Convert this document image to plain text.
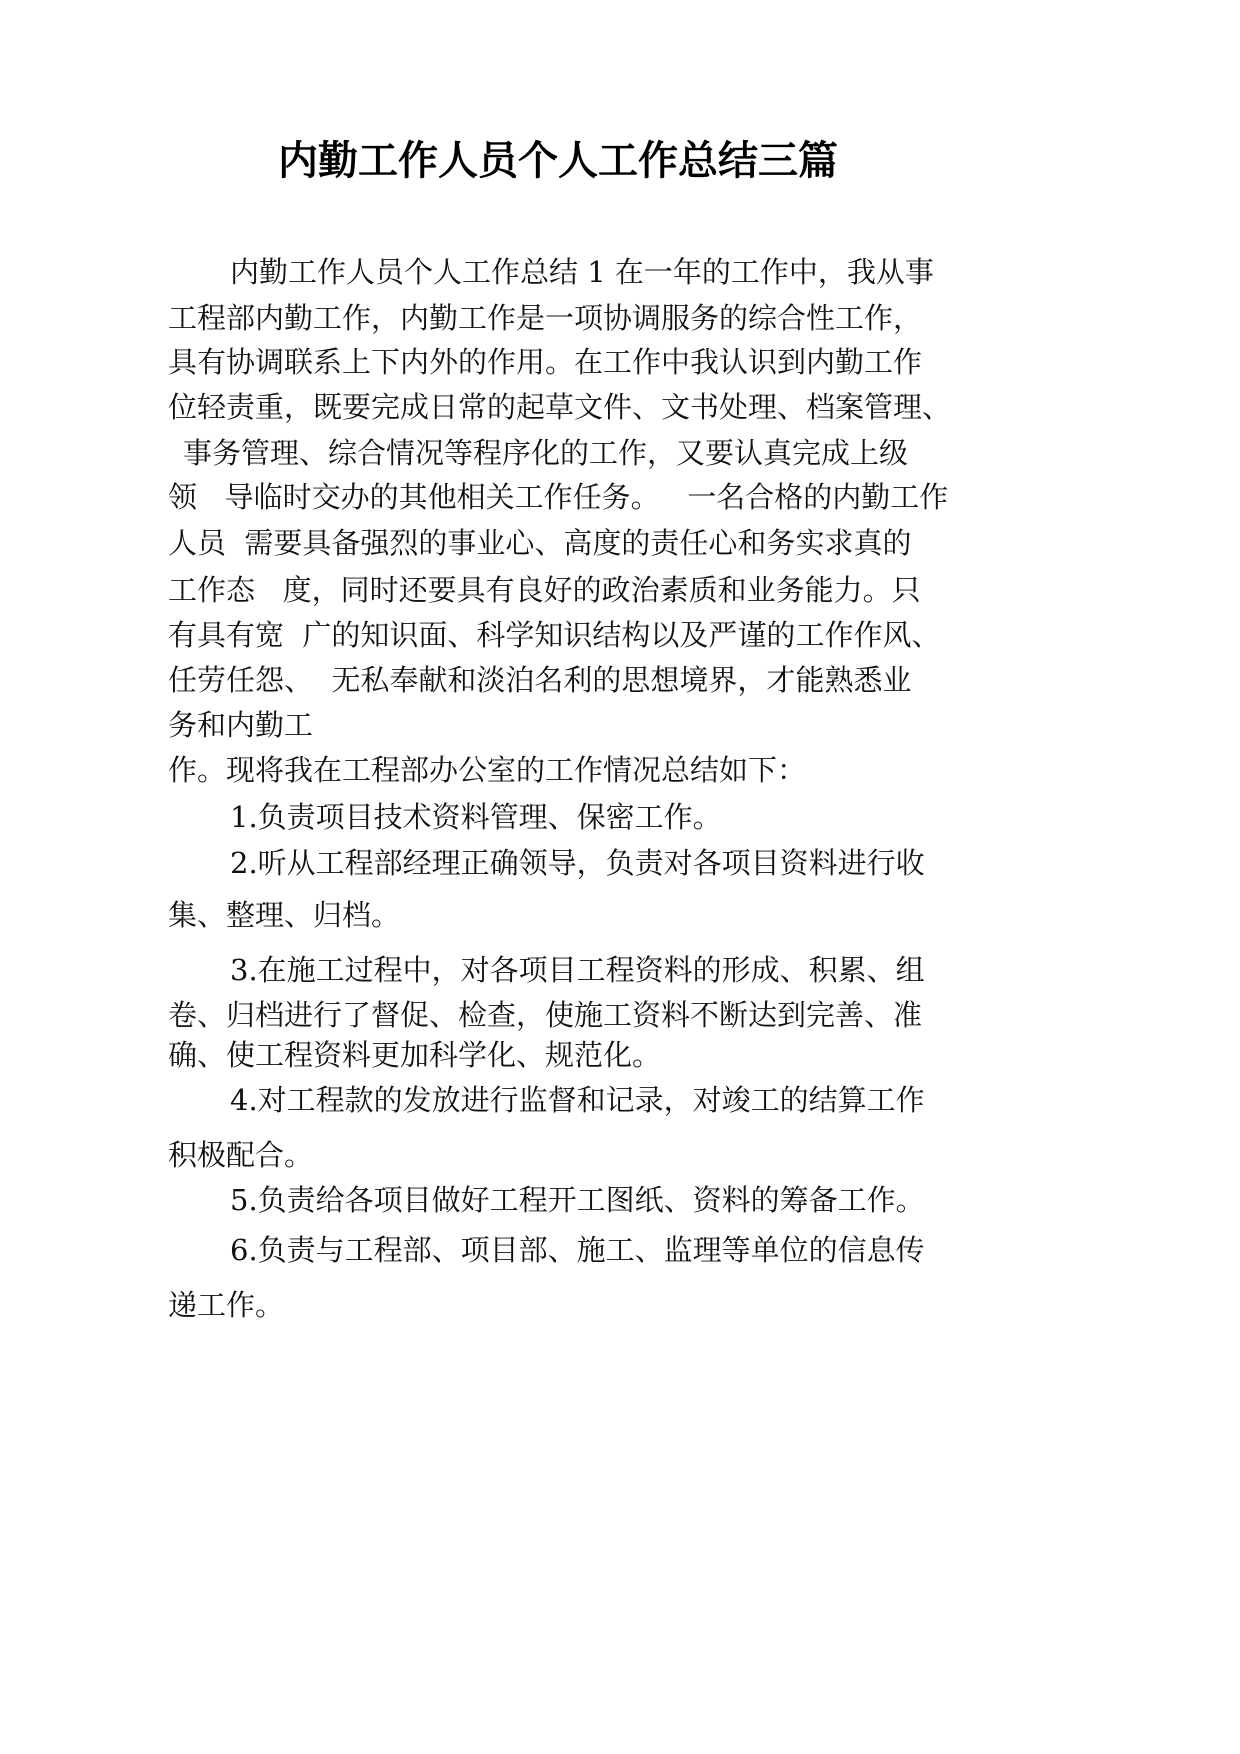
内勤工作人员个人工作总结三篇
内勤工作人员个人工作总结 1 在一年的工作中，我从事
工程部内勤工作，内勤工作是一项协调服务的综合性工作，
具有协调联系上下内外的作用。在工作中我认识到内勤工作
位轻责重，既要完成日常的起草文件、文书处理、档案管理、
事务管理、综合情况等程序化的工作，又要认真完成上级
领   导临时交办的其他相关工作任务。   一名合格的内勤工作
人员  需要具备强烈的事业心、高度的责任心和务实求真的
工作态   度，同时还要具有良好的政治素质和业务能力。只
有具有宽  广的知识面、科学知识结构以及严谨的工作作风、
任劳任怨、  无私奉献和淡泊名利的思想境界，才能熟悉业
务和内勤工
作。现将我在工程部办公室的工作情况总结如下：
1.负责项目技术资料管理、保密工作。
2.听从工程部经理正确领导，负责对各项目资料进行收
集、整理、归档。
3.在施工过程中，对各项目工程资料的形成、积累、组
卷、归档进行了督促、检查，使施工资料不断达到完善、准
确、使工程资料更加科学化、规范化。
4.对工程款的发放进行监督和记录，对竣工的结算工作
积极配合。
5.负责给各项目做好工程开工图纸、资料的筹备工作。
6.负责与工程部、项目部、施工、监理等单位的信息传
递工作。
